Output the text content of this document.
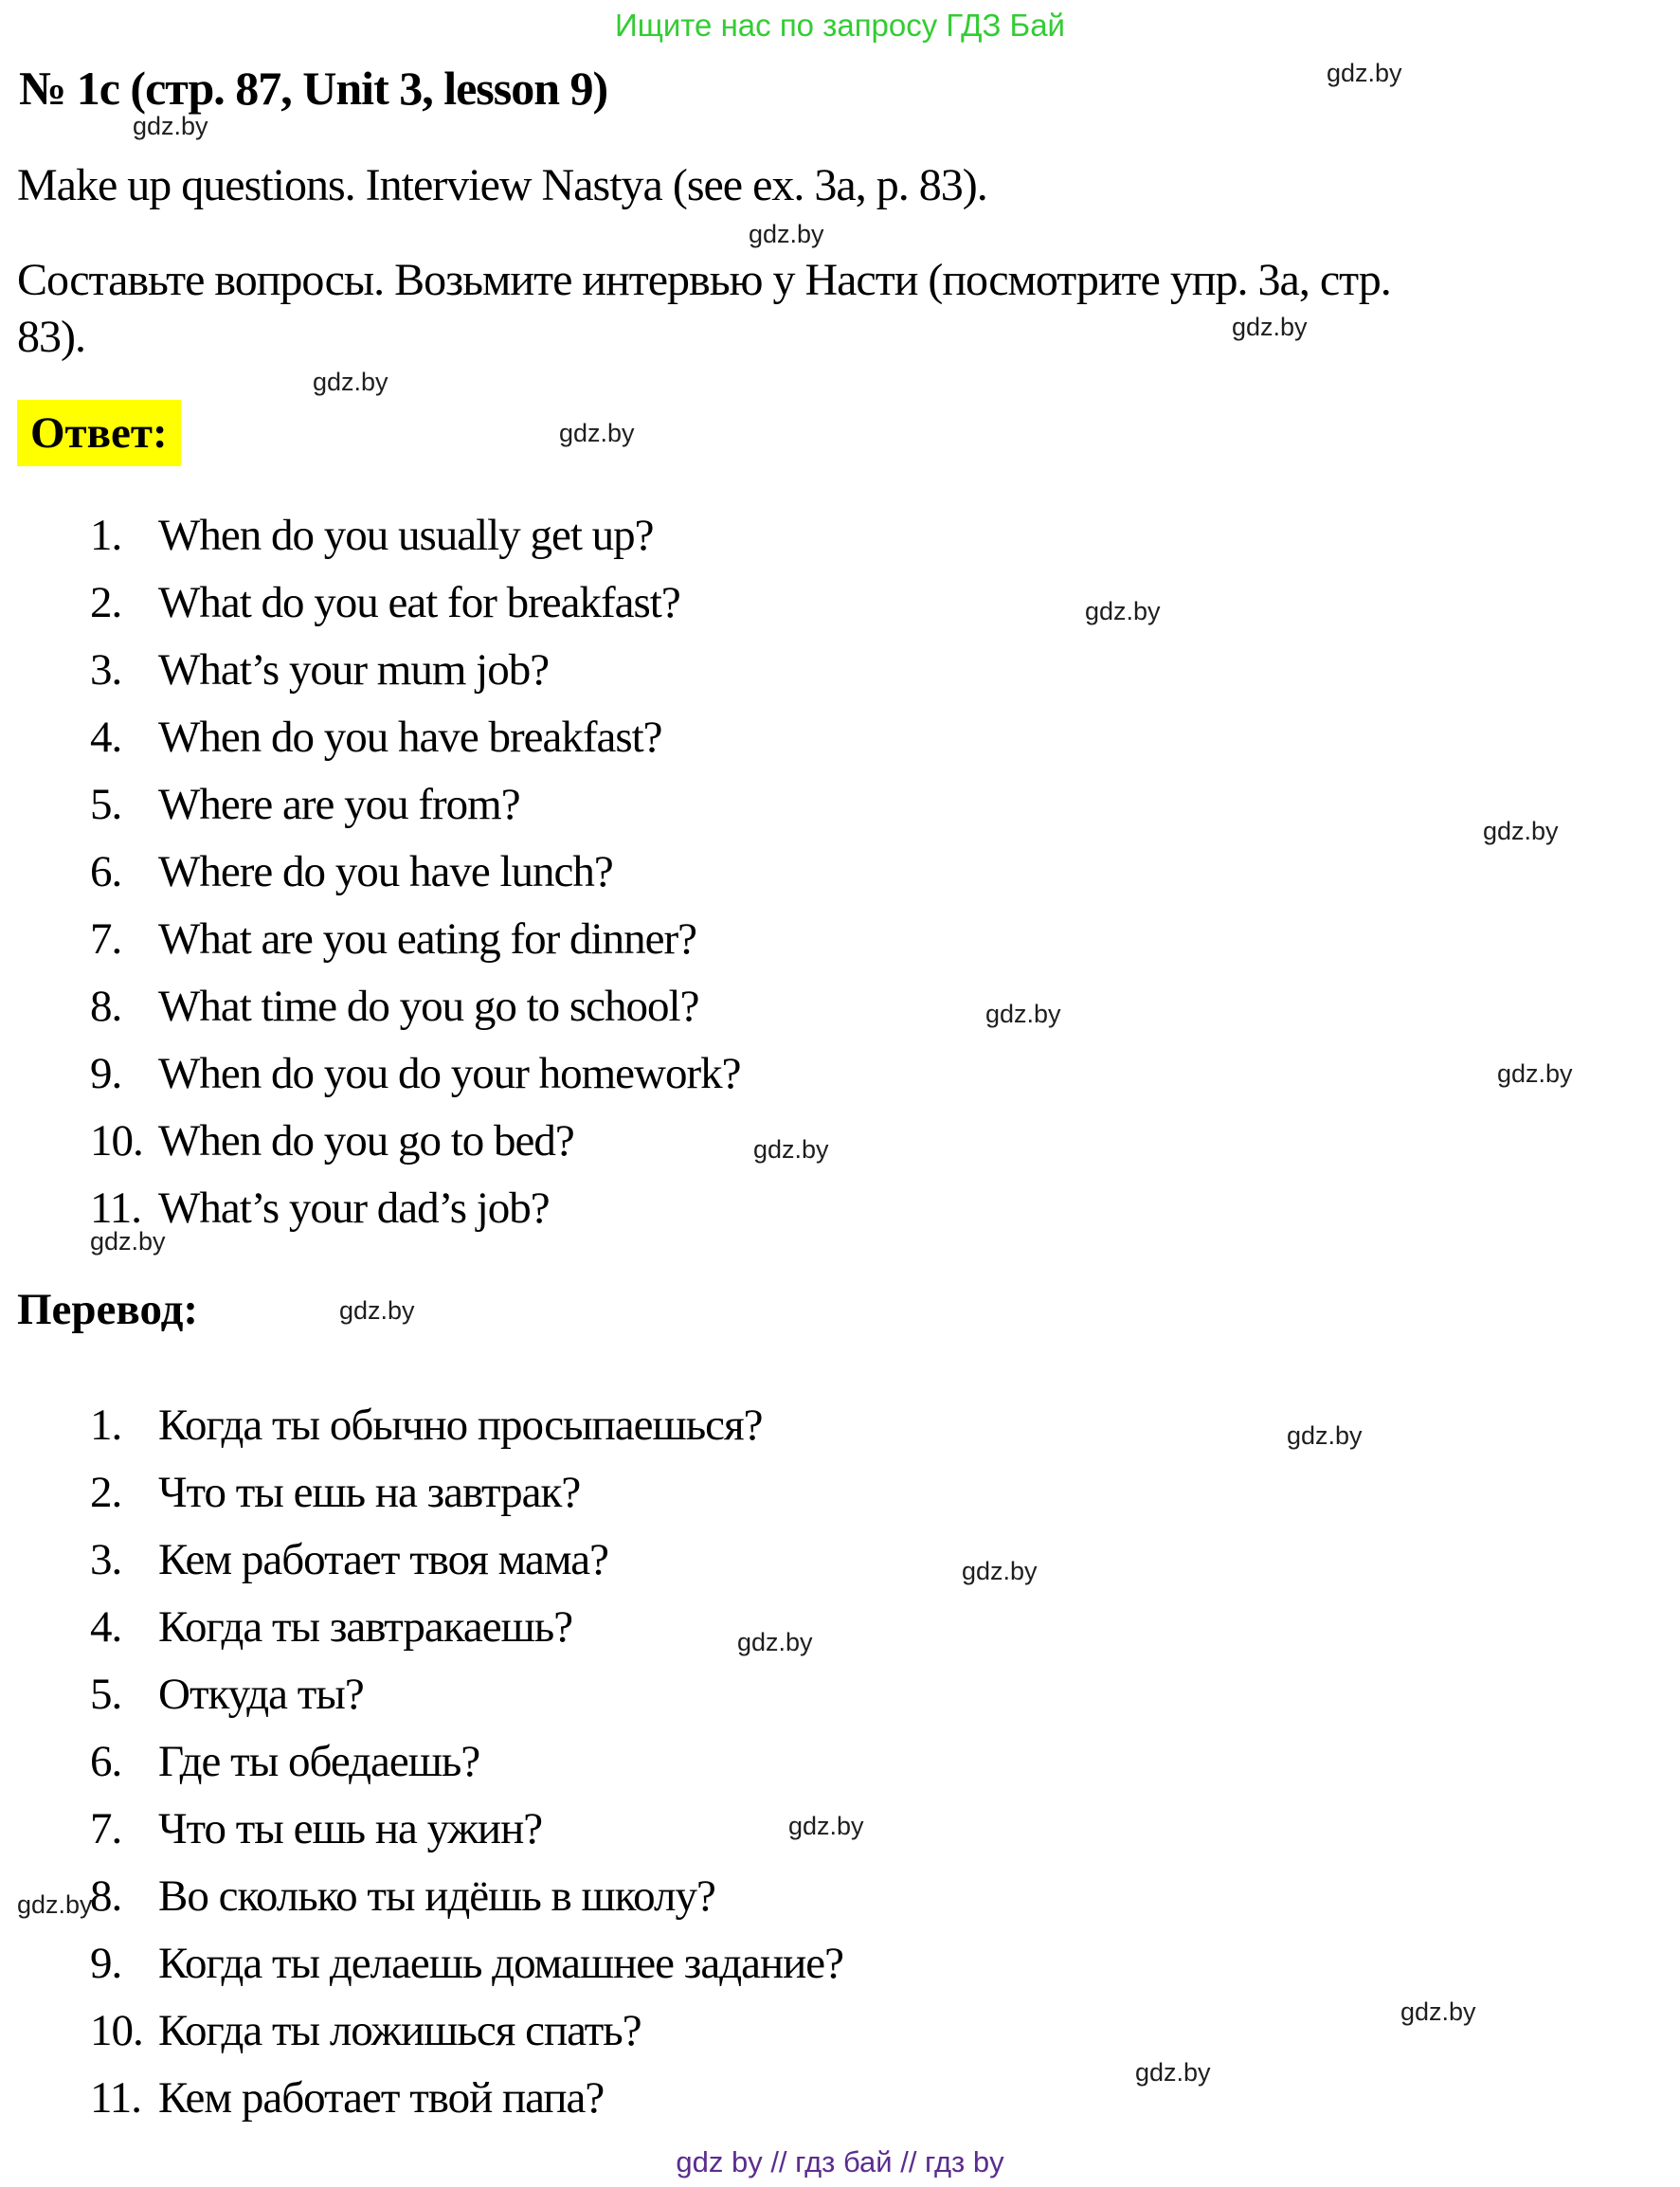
Ищите нас по запросу ГДЗ Бай
№ 1c (стр. 87, Unit 3, lesson 9)

Make up questions. Interview Nastya (see ex. 3a, p. 83).

Составьте вопросы. Возьмите интервью у Насти (посмотрите упр. 3а, стр. 83).

Ответ:
1. When do you usually get up?
2. What do you eat for breakfast?
3. What’s your mum job?
4. When do you have breakfast?
5. Where are you from?
6. Where do you have lunch?
7. What are you eating for dinner?
8. What time do you go to school?
9. When do you do your homework?
10. When do you go to bed?
11. What’s your dad’s job?
Перевод:
1. Когда ты обычно просыпаешься?
2. Что ты ешь на завтрак?
3. Кем работает твоя мама?
4. Когда ты завтракаешь?
5. Откуда ты?
6. Где ты обедаешь?
7. Что ты ешь на ужин?
8. Во сколько ты идёшь в школу?
9. Когда ты делаешь домашнее задание?
10. Когда ты ложишься спать?
11. Кем работает твой папа?
gdz by // гдз бай // гдз by
gdz.by
gdz.by
gdz.by
gdz.by
gdz.by
gdz.by
gdz.by
gdz.by
gdz.by
gdz.by
gdz.by
gdz.by
gdz.by
gdz.by
gdz.by
gdz.by
gdz.by
gdz.by
gdz.by
gdz.by
